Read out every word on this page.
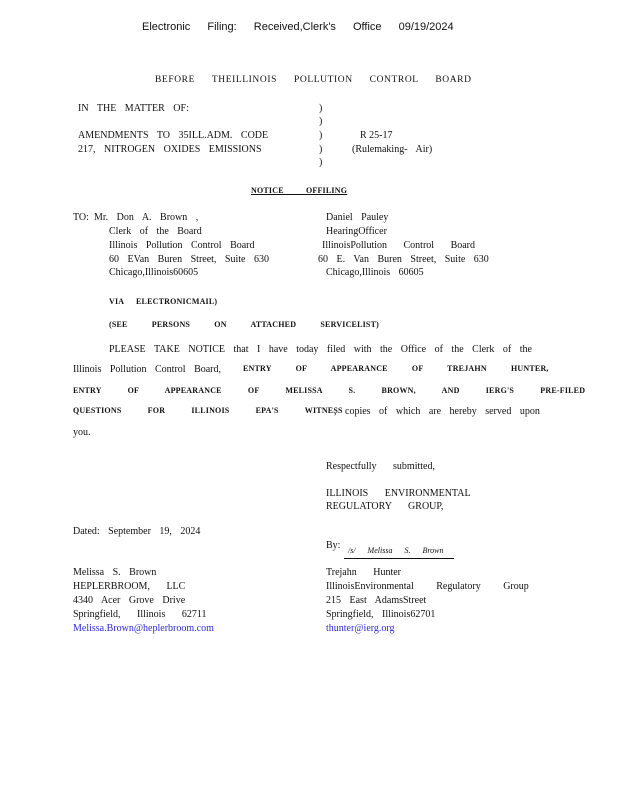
Electronic Filing: Received,Clerk's Office 09/19/2024
BEFORE THEILLINOIS POLLUTION CONTROL BOARD
IN THE MATTER OF:
AMENDMENTS TO 35ILL.ADM. CODE
217, NITROGEN OXIDES EMISSIONS
)
)
)
)
)
R 25-17
(Rulemaking- Air)
NOTICE OFFILING
TO: Mr. Don A. Brown ,
Clerk of the Board
Illinois Pollution Control Board
60 EVan Buren Street, Suite 630
Chicago,Illinois60605
Daniel Pauley
HearingOfficer
IllinoisPollution Control Board
60 E. Van Buren Street, Suite 630
Chicago,Illinois 60605
VIA ELECTRONICMAIL)
(SEE PERSONS ON ATTACHED SERVICELIST)
PLEASE TAKE NOTICE that I have today filed with the Office of the Clerk of the
Illinois Pollution Control Board,	ENTRY OF APPEARANCE OF TREJAHN HUNTER,
ENTRY OF APPEARANCE OF MELISSA S. BROWN, AND IERG'S PRE-FILED
QUESTIONS FOR ILLINOIS EPA'S WITNESS
, copies of which are hereby served upon
you.
Respectfully submitted,
ILLINOIS ENVIRONMENTAL
REGULATORY GROUP,
Dated: September 19, 2024
By: /s/ Melissa S. Brown
Melissa S. Brown
HEPLERBROOM, LLC
4340 Acer Grove Drive
Springfield, Illinois 62711
Melissa.Brown@heplerbroom.com
Trejahn Hunter
IllinoisEnvironmental Regulatory Group
215 East AdamsStreet
Springfield, Illinois62701
thunter@ierg.org
